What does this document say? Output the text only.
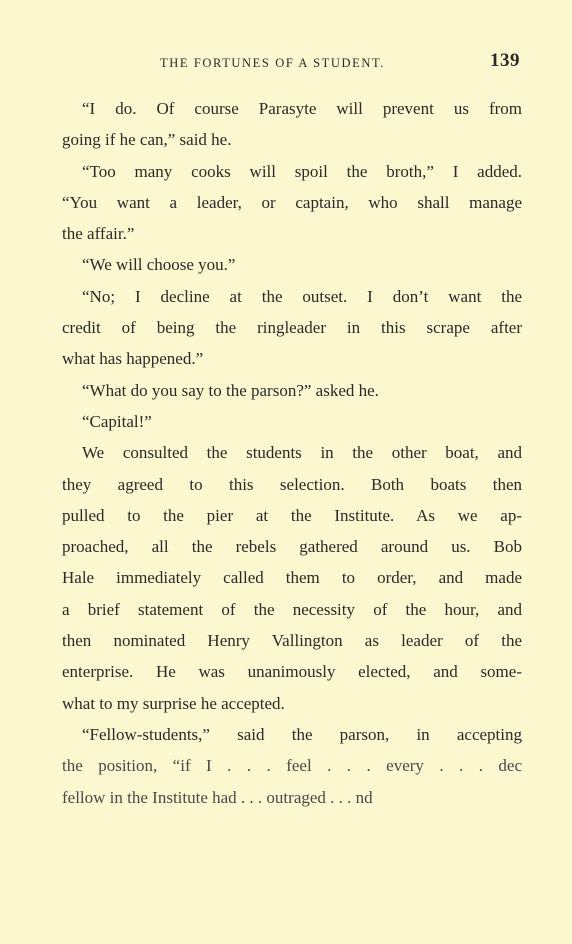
THE FORTUNES OF A STUDENT.	139
“I do. Of course Parasyte will prevent us from
going if he can,” said he.
“Too many cooks will spoil the broth,” I added.
“You want a leader, or captain, who shall manage
the affair.”
“We will choose you.”
“No; I decline at the outset. I don’t want the
credit of being the ringleader in this scrape after
what has happened.”
“What do you say to the parson?” asked he.
“Capital!”
We consulted the students in the other boat, and
they agreed to this selection. Both boats then
pulled to the pier at the Institute. As we ap-
proached, all the rebels gathered around us. Bob
Hale immediately called them to order, and made
a brief statement of the necessity of the hour, and
then nominated Henry Vallington as leader of the
enterprise. He was unanimously elected, and some-
what to my surprise he accepted.
“Fellow-students,” said the parson, in accepting
the position, “if I . . . feel . . . every . . . dec
fellow in the Institute had . . . outraged . . . nd
